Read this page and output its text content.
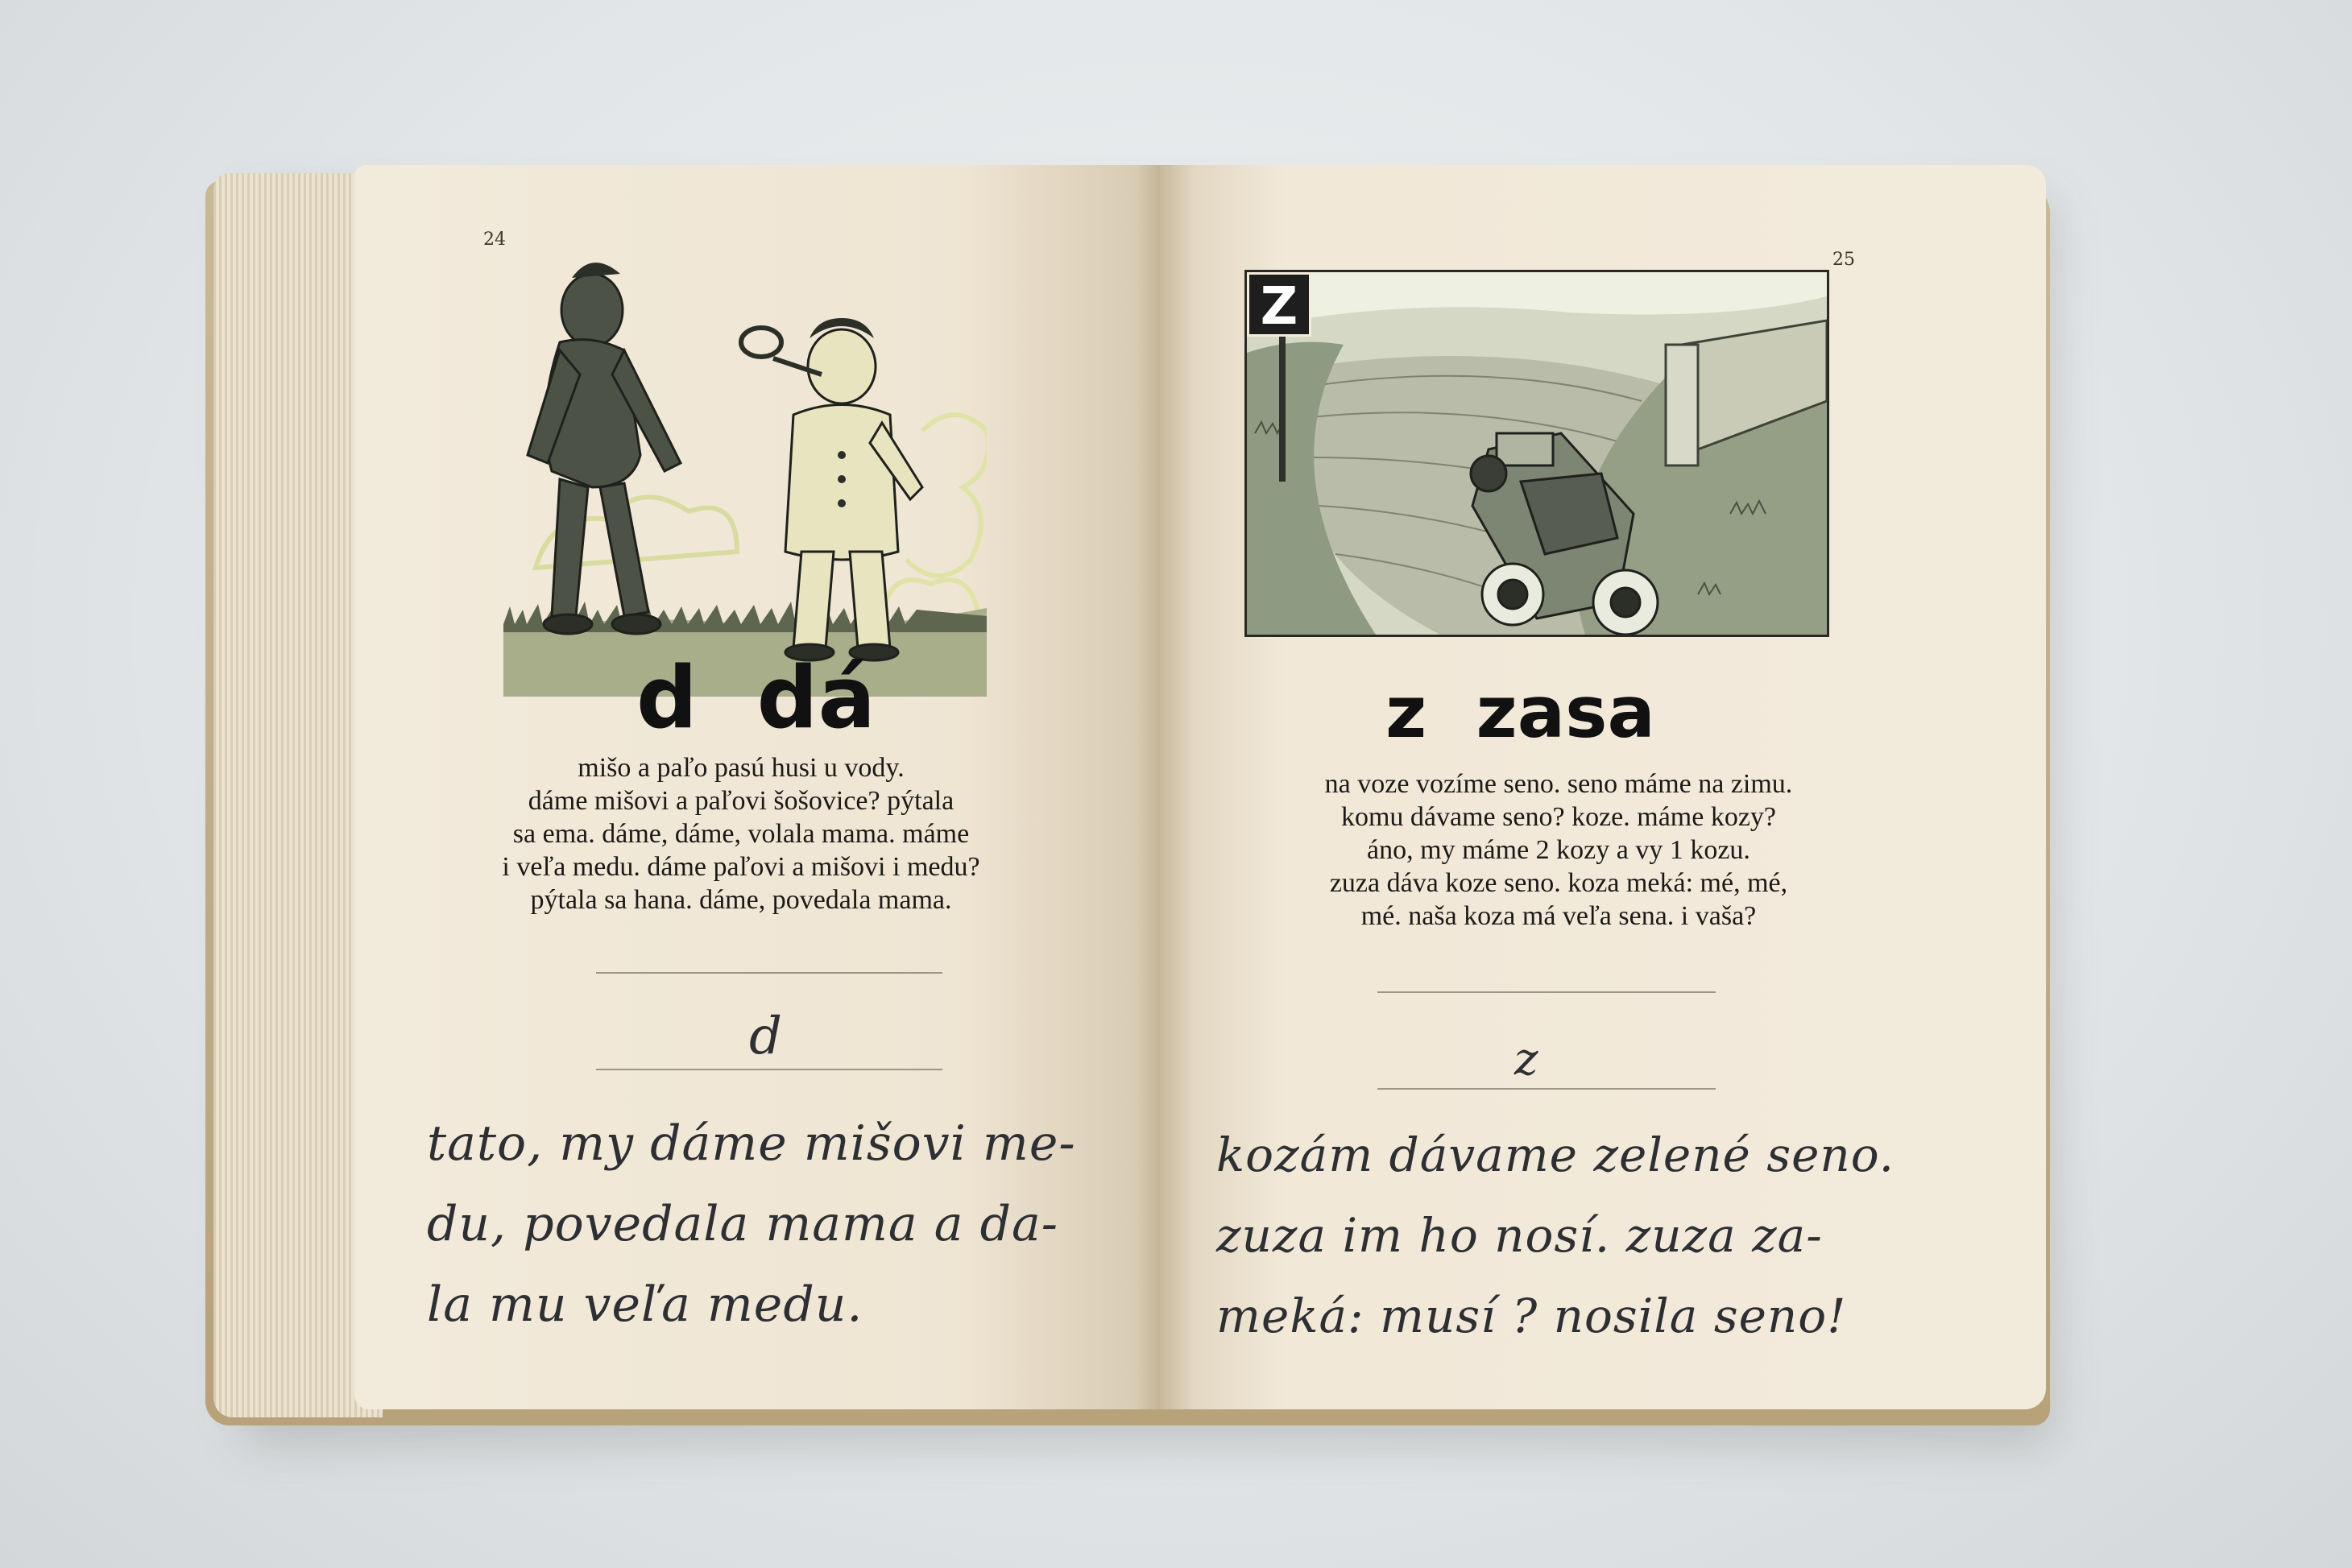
24
d  dá
mišo a paľo pasú husi u vody.
dáme mišovi a paľovi šošovice? pýtala
sa ema. dáme, dáme, volala mama. máme
i veľa medu. dáme paľovi a mišovi i medu?
pýtala sa hana. dáme, povedala mama.
d
tato, my dáme mišovi me-
du, povedala mama a da-
la mu veľa medu.
25
Z
z  zasa
na voze vozíme seno. seno máme na zimu.
komu dávame seno? koze. máme kozy?
áno, my máme 2 kozy a vy 1 kozu.
zuza dáva koze seno. koza meká: mé, mé,
mé. naša koza má veľa sena. i vaša?
z
kozám dávame zelené seno.
zuza im ho nosí. zuza za-
meká: musí ? nosila seno!
